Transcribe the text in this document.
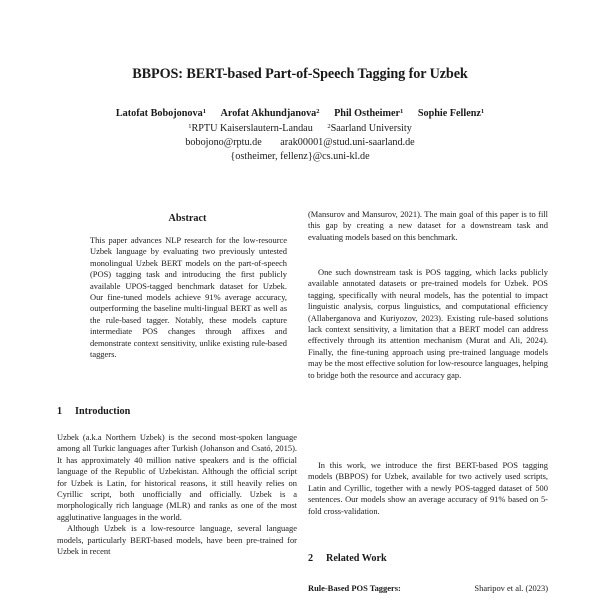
BBPOS: BERT-based Part-of-Speech Tagging for Uzbek
Latofat Bobojonova$^1$ Arofat Akhundjanova$^2$ Phil Ostheimer$^1$ Sophie Fellenz$^1$
$^1$RPTU Kaiserslautern-Landau $^2$Saarland University
bobojono@rptu.de arak00001@stud.uni-saarland.de
{ostheimer, fellenz}@cs.uni-kl.de
Abstract

This paper advances NLP research for the low-resource Uzbek language by evaluating two previously untested monolingual Uzbek BERT models on the part-of-speech (POS) tagging task and introducing the first publicly available UPOS-tagged benchmark dataset for Uzbek. Our fine-tuned models achieve 91% average accuracy, outperforming the baseline multi-lingual BERT as well as the rule-based tagger. Notably, these models capture intermediate POS changes through affixes and demonstrate context sensitivity, unlike existing rule-based taggers.

1 Introduction

Uzbek (a.k.a Northern Uzbek) is the second most-spoken language among all Turkic languages after Turkish (Johanson and Csató, 2015). It has approximately 40 million native speakers and is the official language of the Republic of Uzbekistan. Although the official script for Uzbek is Latin, for historical reasons, it still heavily relies on Cyrillic script, both unofficially and officially. Uzbek is a morphologically rich language (MLR) and ranks as one of the most agglutinative languages in the world.

Although Uzbek is a low-resource language, several language models, particularly BERT-based models, have been pre-trained for Uzbek in recent

(Mansurov and Mansurov, 2021). The main goal of this paper is to fill this gap by creating a new dataset for a downstream task and evaluating models based on this benchmark.

One such downstream task is POS tagging, which lacks publicly available annotated datasets or pre-trained models for Uzbek. POS tagging, specifically with neural models, has the potential to impact linguistic analysis, corpus linguistics, and computational efficiency (Allaberganova and Kuriyozov, 2023). Existing rule-based solutions lack context sensitivity, a limitation that a BERT model can address effectively through its attention mechanism (Murat and Ali, 2024). Finally, the fine-tuning approach using pre-trained language models may be the most effective solution for low-resource languages, helping to bridge both the resource and accuracy gap.

In this work, we introduce the first BERT-based POS tagging models (BBPOS) for Uzbek, available for two actively used scripts, Latin and Cyrillic, together with a newly POS-tagged dataset of 500 sentences. Our models show an average accuracy of 91% based on 5-fold cross-validation.

2 Related Work
Rule-Based POS Taggers:	Sharipov et al. (2023)
